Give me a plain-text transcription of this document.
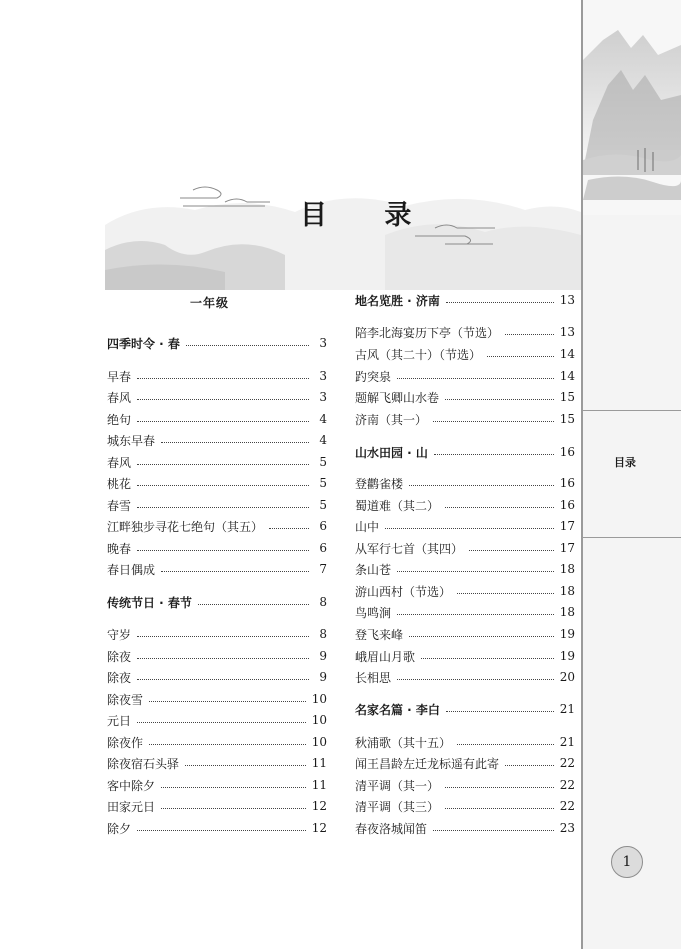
目录
1
目 录
一年级
四季时令 · 春	3
早春	3
春风	3
绝句	4
城东早春	4
春风	5
桃花	5
春雪	5
江畔独步寻花七绝句（其五）	6
晚春	6
春日偶成	7
传统节日 · 春节	8
守岁	8
除夜	9
除夜	9
除夜雪	10
元日	10
除夜作	10
除夜宿石头驿	11
客中除夕	11
田家元日	12
除夕	12
地名览胜 · 济南	13
陪李北海宴历下亭（节选）	13
古风（其二十）（节选）	14
趵突泉	14
题解飞卿山水卷	15
济南（其一）	15
山水田园 · 山	16
登鹳雀楼	16
蜀道难（其二）	16
山中	17
从军行七首（其四）	17
条山苍	18
游山西村（节选）	18
鸟鸣涧	18
登飞来峰	19
峨眉山月歌	19
长相思	20
名家名篇 · 李白	21
秋浦歌（其十五）	21
闻王昌龄左迁龙标遥有此寄	22
清平调（其一）	22
清平调（其三）	22
春夜洛城闻笛	23
